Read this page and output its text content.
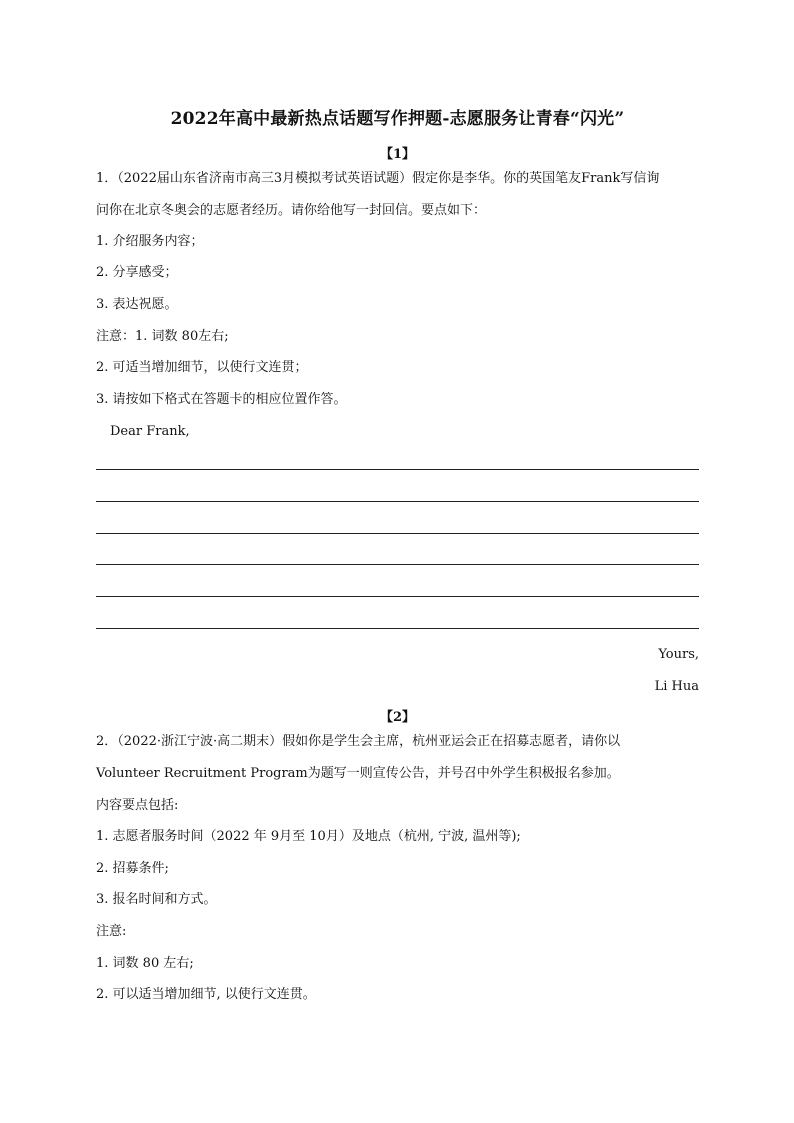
2022年高中最新热点话题写作押题-志愿服务让青春“闪光”
【1】
1．（2022届山东省济南市高三3月模拟考试英语试题）假定你是李华。你的英国笔友Frank写信询
问你在北京冬奥会的志愿者经历。请你给他写一封回信。要点如下：
1. 介绍服务内容；
2. 分享感受；
3. 表达祝愿。
注意：1. 词数 80左右;
2. 可适当增加细节，以使行文连贯；
3. 请按如下格式在答题卡的相应位置作答。
Dear Frank,
Yours,
Li Hua
【2】
2．（2022·浙江宁波·高二期末）假如你是学生会主席，杭州亚运会正在招募志愿者，请你以
Volunteer Recruitment Program为题写一则宣传公告，并号召中外学生积极报名参加。
内容要点包括:
1. 志愿者服务时间（2022 年 9月至 10月）及地点（杭州, 宁波, 温州等);
2. 招募条件;
3. 报名时间和方式。
注意:
1. 词数 80 左右;
2. 可以适当增加细节, 以使行文连贯。
